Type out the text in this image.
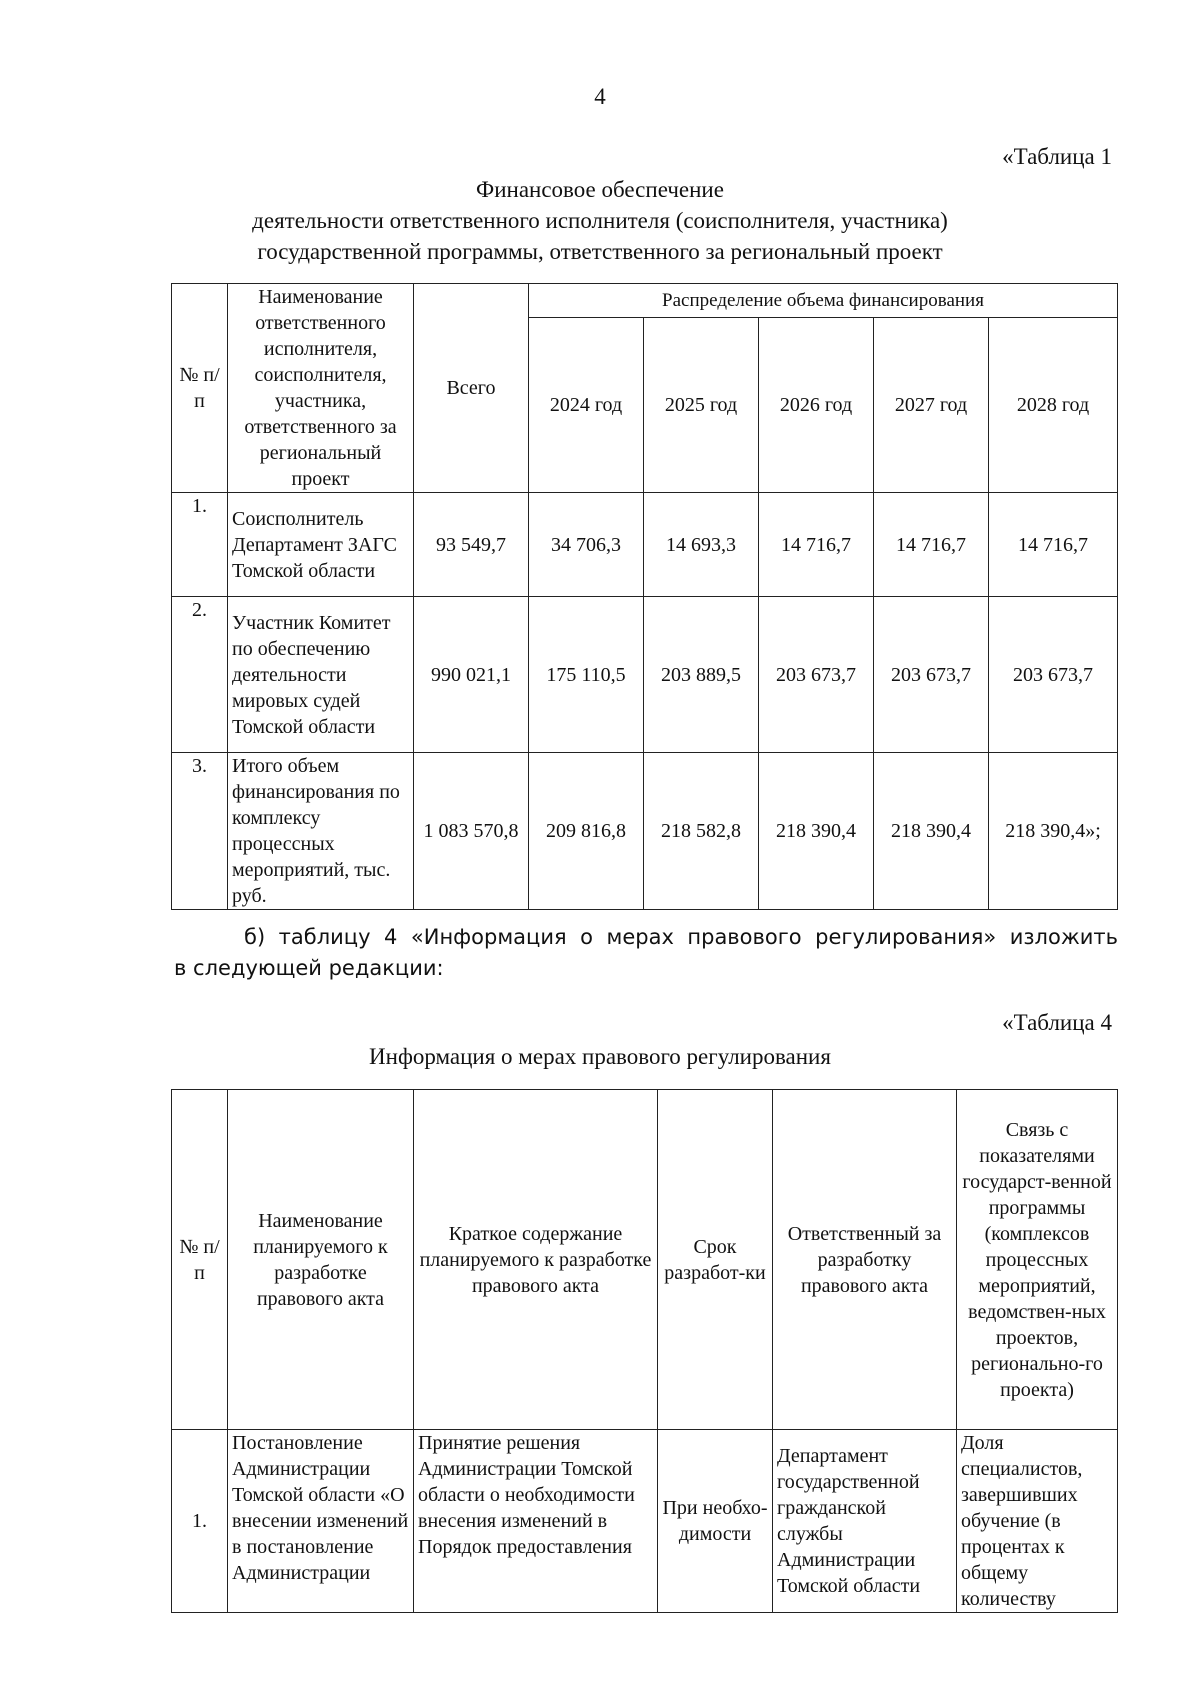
4
«Таблица 1
Финансовое обеспечение
деятельности ответственного исполнителя (соисполнителя, участника)
государственной программы, ответственного за региональный проект
№ п/п	Наименование ответственного исполнителя, соисполнителя, участника, ответственного за региональный проект	Всего	Распределение объема финансирования				
			2024 год	2025 год	2026 год	2027 год	2028 год
1.	Соисполнитель Департамент ЗАГС Томской области	93 549,7	34 706,3	14 693,3	14 716,7	14 716,7	14 716,7
2.	Участник Комитет по обеспечению деятельности мировых судей Томской области	990 021,1	175 110,5	203 889,5	203 673,7	203 673,7	203 673,7
3.	Итого объем финансирования по комплексу процессных мероприятий, тыс. руб.	1 083 570,8	209 816,8	218 582,8	218 390,4	218 390,4	218 390,4»;
б) таблицу 4 «Информация о мерах правового регулирования» изложить
в следующей редакции:
«Таблица 4
Информация о мерах правового регулирования
№ п/п	Наименование планируемого к разработке правового акта	Краткое содержание планируемого к разработке правового акта	Срок разработ-ки	Ответственный за разработку правового акта	Связь с показателями государст-венной программы (комплексов процессных мероприятий, ведомствен-ных проектов, регионально-го проекта)
1.	Постановление Администрации Томской области «О внесении изменений в постановление Администрации	Принятие решения Администрации Томской области о необходимости внесения изменений в Порядок предоставления	При необхо-димости	Департамент государственной гражданской службы Администрации Томской области	Доля специалистов, завершивших обучение (в процентах к общему количеству
